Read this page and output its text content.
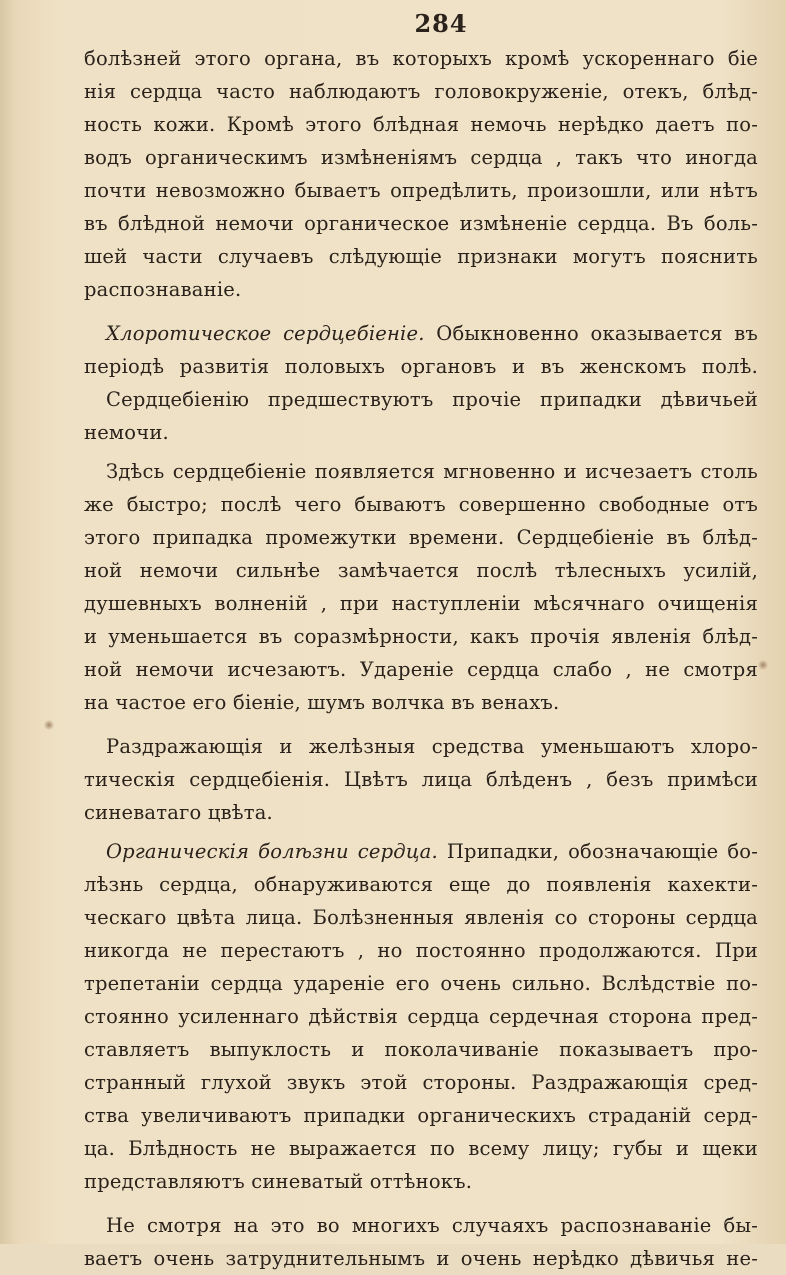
284
болѣзней этого органа, въ которыхъ кромѣ ускореннаго біе
нія сердца часто наблюдаютъ головокруженіе, отекъ, блѣд-
ность кожи. Кромѣ этого блѣдная немочь нерѣдко даетъ по-
водъ органическимъ измѣненіямъ сердца , такъ что иногда
почти невозможно бываетъ опредѣлить, произошли, или нѣтъ
въ блѣдной немочи органическое измѣненіе сердца. Въ боль-
шей части случаевъ слѣдующіе признаки могутъ пояснить
распознаваніе.
Хлоротическое сердцебіеніе. Обыкновенно оказывается въ
періодѣ развитія половыхъ органовъ и въ женскомъ полѣ.
Сердцебіенію предшествуютъ прочіе припадки дѣвичьей
немочи.
Здѣсь сердцебіеніе появляется мгновенно и исчезаетъ столь
же быстро; послѣ чего бываютъ совершенно свободные отъ
этого припадка промежутки времени. Сердцебіеніе въ блѣд-
ной немочи сильнѣе замѣчается послѣ тѣлесныхъ усилій,
душевныхъ волненій , при наступленіи мѣсячнаго очищенія
и уменьшается въ соразмѣрности, какъ прочія явленія блѣд-
ной немочи исчезаютъ. Удареніе сердца слабо , не смотря
на частое его біеніе, шумъ волчка въ венахъ.
Раздражающія и желѣзныя средства уменьшаютъ хлоро-
тическія сердцебіенія. Цвѣтъ лица блѣденъ , безъ примѣси
синеватаго цвѣта.
Органическія болѣзни сердца. Припадки, обозначающіе бо-
лѣзнь сердца, обнаруживаются еще до появленія кахекти-
ческаго цвѣта лица. Болѣзненныя явленія со стороны сердца
никогда не перестаютъ , но постоянно продолжаются. При
трепетаніи сердца удареніе его очень сильно. Вслѣдствіе по-
стоянно усиленнаго дѣйствія сердца сердечная сторона пред-
ставляетъ выпуклость и поколачиваніе показываетъ про-
странный глухой звукъ этой стороны. Раздражающія сред-
ства увеличиваютъ припадки органическихъ страданій серд-
ца. Блѣдность не выражается по всему лицу; губы и щеки
представляютъ синеватый оттѣнокъ.
Не смотря на это во многихъ случаяхъ распознаваніе бы-
ваетъ очень затруднительнымъ и очень нерѣдко дѣвичья не-
